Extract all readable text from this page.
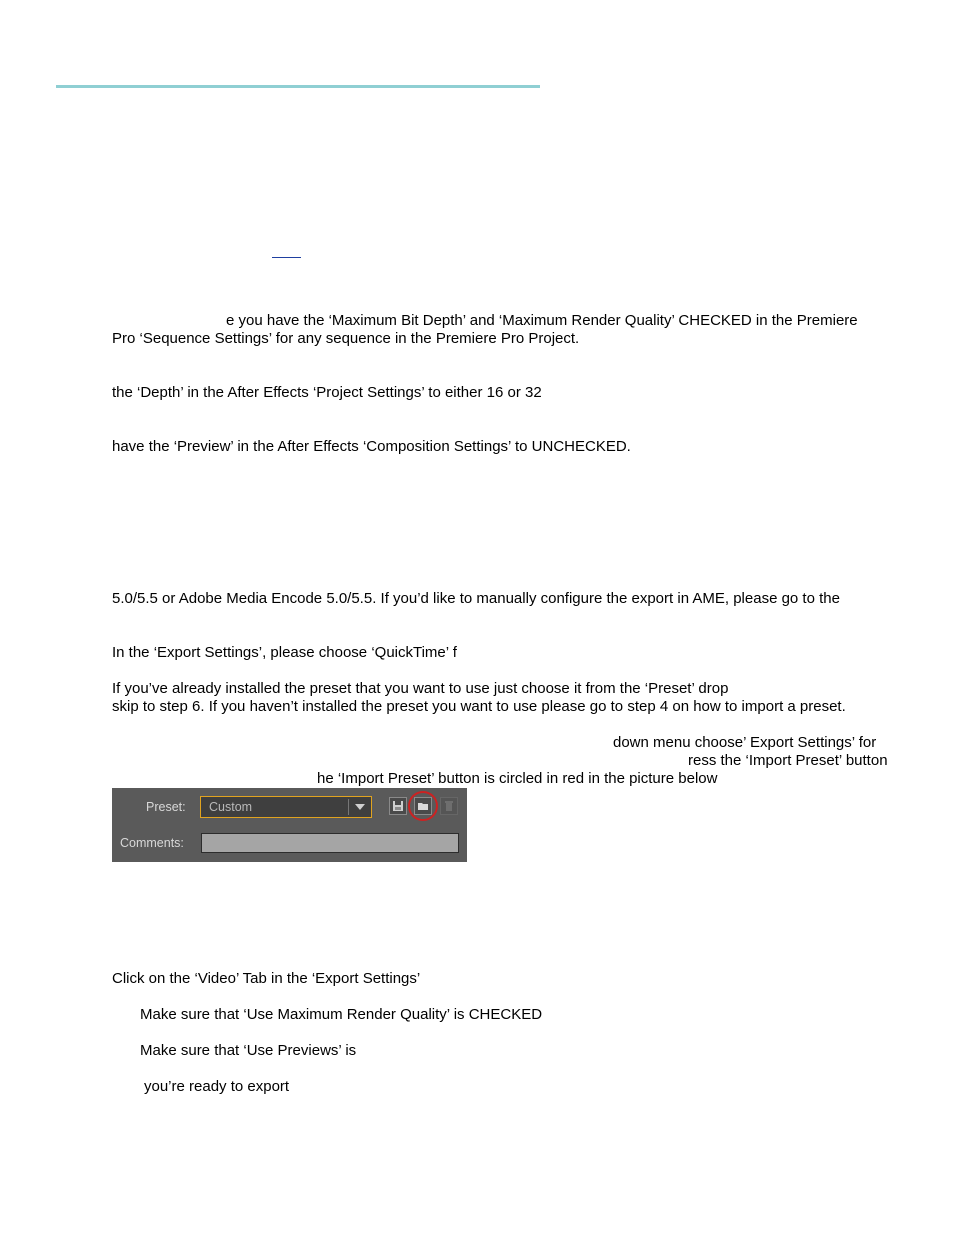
e you have the ‘Maximum Bit Depth’ and ‘Maximum Render Quality’ CHECKED in the Premiere
Pro ‘Sequence Settings’ for any sequence in the Premiere Pro Project.
the ‘Depth’ in the After Effects ‘Project Settings’ to either 16 or 32
have the ‘Preview’ in the After Effects ‘Composition Settings’ to UNCHECKED.
5.0/5.5 or Adobe Media Encode 5.0/5.5. If you’d like to manually configure the export in AME, please go to the
In the ‘Export Settings’, please choose ‘QuickTime’ f
If you’ve already installed the preset that you want to use just choose it from the ‘Preset’ drop
skip to step 6. If you haven’t installed the preset you want to use please go to step 4 on how to import a preset.
down menu choose’ Export Settings’ for
ress the ‘Import Preset’ button
he ‘Import Preset’ button is circled in red in the picture below
Preset: Custom
Comments:
Click on the ‘Video’ Tab in the ‘Export Settings’
Make sure that ‘Use Maximum Render Quality’ is CHECKED
Make sure that ‘Use Previews’ is
you’re ready to export
